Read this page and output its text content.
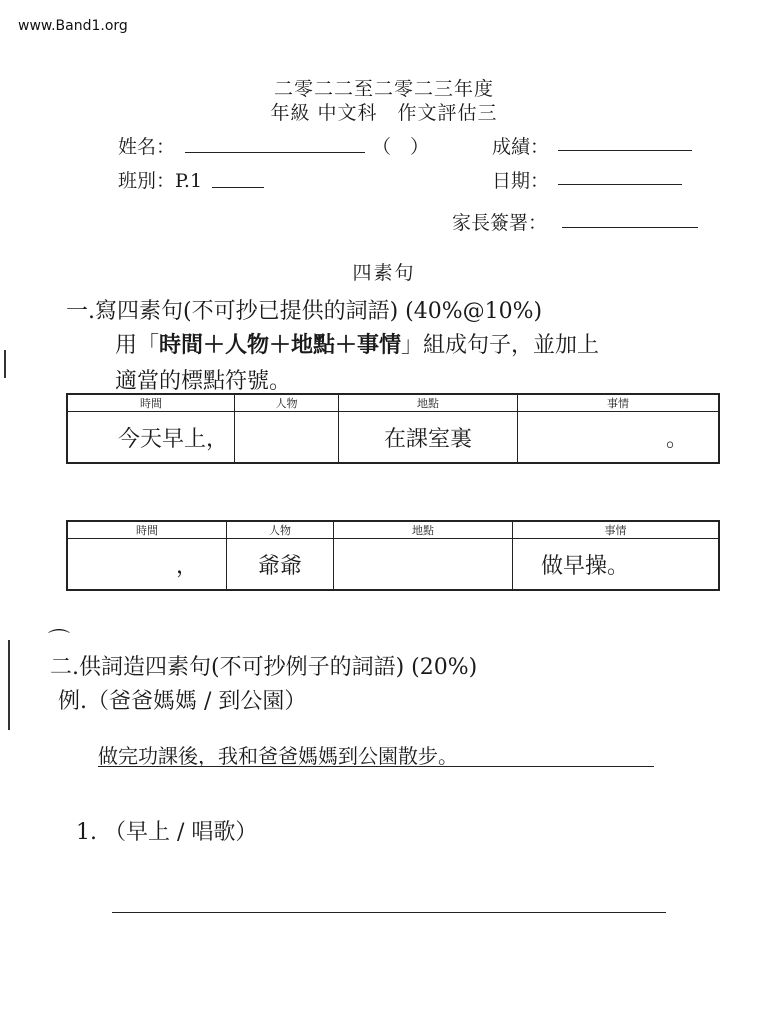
www.Band1.org
二零二二至二零二三年度
年級 中文科　作文評估三
姓名：	（　）	成績：
班別：P.1	日期：
家長簽署：
四素句
一.寫四素句(不可抄已提供的詞語) (40%@10%)
用「時間＋人物＋地點＋事情」組成句子，並加上
適當的標點符號。
時間	人物	地點	事情
今天早上，		在課室裏	。
時間	人物	地點	事情
，	爺爺		做早操。
⌒
二.供詞造四素句(不可抄例子的詞語) (20%)
例.（爸爸媽媽 / 到公園）
做完功課後，我和爸爸媽媽到公園散步。
1. （早上 / 唱歌）
